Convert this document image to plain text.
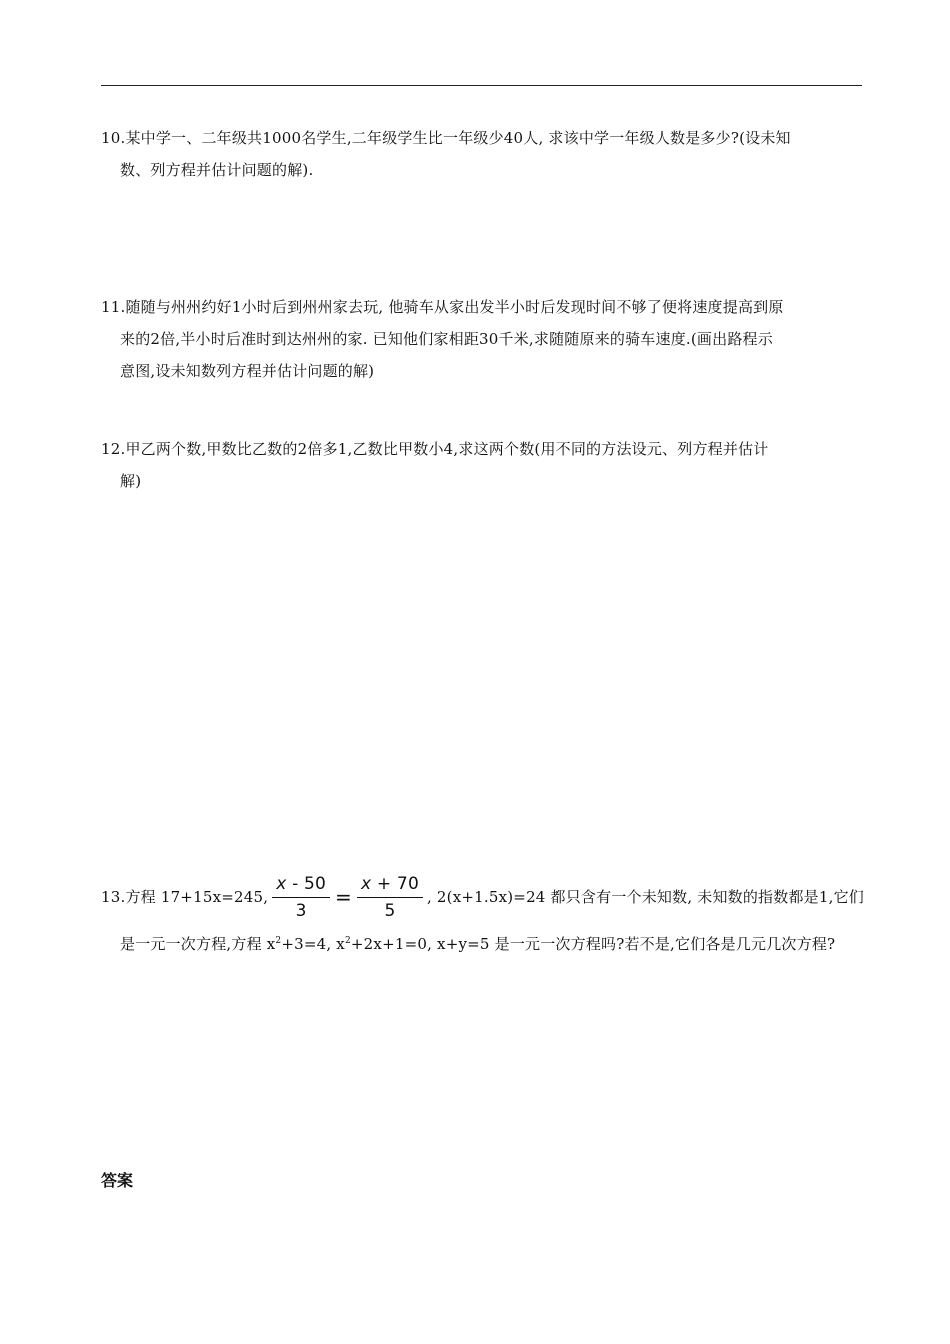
10.某中学一、二年级共1000名学生,二年级学生比一年级少40人, 求该中学一年级人数是多少?(设未知
数、列方程并估计问题的解).
11.随随与州州约好1小时后到州州家去玩, 他骑车从家出发半小时后发现时间不够了便将速度提高到原
来的2倍,半小时后准时到达州州的家. 已知他们家相距30千米,求随随原来的骑车速度.(画出路程示
意图,设未知数列方程并估计问题的解)
12.甲乙两个数,甲数比乙数的2倍多1,乙数比甲数小4,求这两个数(用不同的方法设元、列方程并估计
解)
13.方程 17+15x=245, $\frac{x - 50}{3} = \frac{x + 70}{5}$ , 2(x+1.5x)=24 都只含有一个未知数, 未知数的指数都是1,它们
是一元一次方程,方程 $x^2+3=4$, $x^2+2x+1=0$, x+y=5 是一元一次方程吗?若不是,它们各是几元几次方程?
答案
